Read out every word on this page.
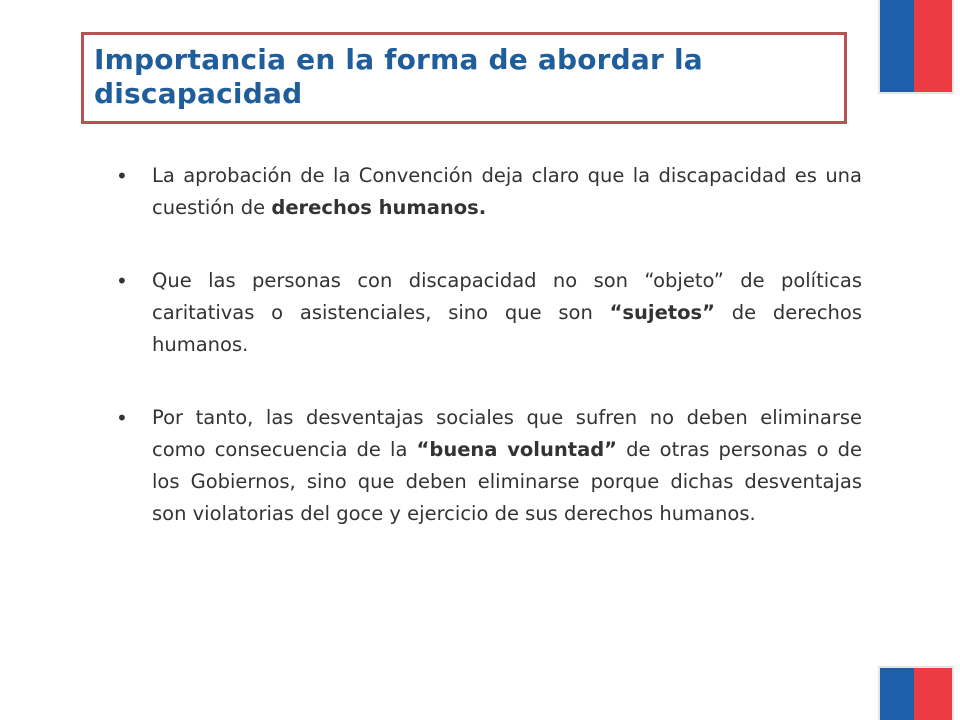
Importancia en la forma de abordar la discapacidad
• La aprobación de la Convención deja claro que la discapacidad es una cuestión de derechos humanos.
• Que las personas con discapacidad no son “objeto” de políticas caritativas o asistenciales, sino que son “sujetos” de derechos humanos.
• Por tanto, las desventajas sociales que sufren no deben eliminarse como consecuencia de la “buena voluntad” de otras personas o de los Gobiernos, sino que deben eliminarse porque dichas desventajas son violatorias del goce y ejercicio de sus derechos humanos.
